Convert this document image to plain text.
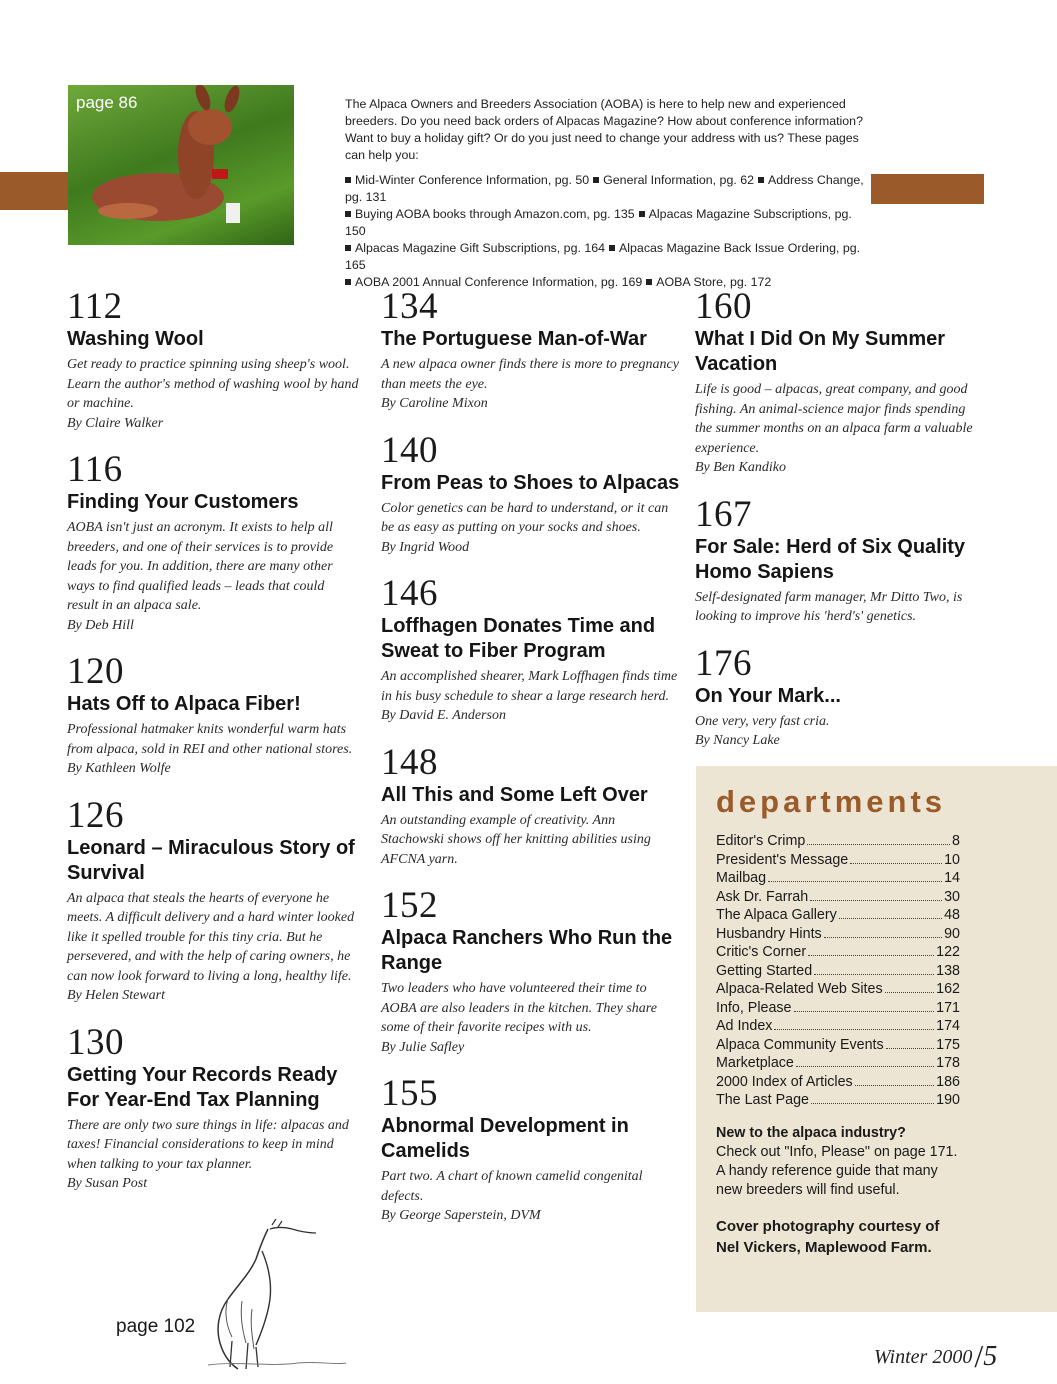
page 86	The Alpaca Owners and Breeders Association (AOBA) is here to help new and experienced breeders. Do you need back orders of Alpacas Magazine? How about conference information? Want to buy a holiday gift? Or do you just need to change your address with us? These pages can help you:

Mid-Winter Conference Information, pg. 50 General Information, pg. 62 Address Change, pg. 131
Buying AOBA books through Amazon.com, pg. 135 Alpacas Magazine Subscriptions, pg. 150
Alpacas Magazine Gift Subscriptions, pg. 164 Alpacas Magazine Back Issue Ordering, pg. 165
AOBA 2001 Annual Conference Information, pg. 169 AOBA Store, pg. 172
112
Washing Wool
Get ready to practice spinning using sheep's wool. Learn the author's method of washing wool by hand or machine.
By Claire Walker
116
Finding Your Customers
AOBA isn't just an acronym. It exists to help all breeders, and one of their services is to provide leads for you. In addition, there are many other ways to find qualified leads – leads that could result in an alpaca sale.
By Deb Hill
120
Hats Off to Alpaca Fiber!
Professional hatmaker knits wonderful warm hats from alpaca, sold in REI and other national stores.
By Kathleen Wolfe
126
Leonard – Miraculous Story of Survival
An alpaca that steals the hearts of everyone he meets. A difficult delivery and a hard winter looked like it spelled trouble for this tiny cria. But he persevered, and with the help of caring owners, he can now look forward to living a long, healthy life.
By Helen Stewart
130
Getting Your Records Ready For Year-End Tax Planning
There are only two sure things in life: alpacas and taxes! Financial considerations to keep in mind when talking to your tax planner.
By Susan Post
134
The Portuguese Man-of-War
A new alpaca owner finds there is more to pregnancy than meets the eye.
By Caroline Mixon
140
From Peas to Shoes to Alpacas
Color genetics can be hard to understand, or it can be as easy as putting on your socks and shoes.
By Ingrid Wood
146
Loffhagen Donates Time and Sweat to Fiber Program
An accomplished shearer, Mark Loffhagen finds time in his busy schedule to shear a large research herd.
By David E. Anderson
148
All This and Some Left Over
An outstanding example of creativity. Ann Stachowski shows off her knitting abilities using AFCNA yarn.
152
Alpaca Ranchers Who Run the Range
Two leaders who have volunteered their time to AOBA are also leaders in the kitchen. They share some of their favorite recipes with us.
By Julie Safley
155
Abnormal Development in Camelids
Part two. A chart of known camelid congenital defects.
By George Saperstein, DVM
160
What I Did On My Summer Vacation
Life is good – alpacas, great company, and good fishing. An animal-science major finds spending the summer months on an alpaca farm a valuable experience.
By Ben Kandiko
167
For Sale: Herd of Six Quality Homo Sapiens
Self-designated farm manager, Mr Ditto Two, is looking to improve his 'herd's' genetics.
176
On Your Mark...
One very, very fast cria.
By Nancy Lake
departments
Editor's Crimp	8
President's Message	10
Mailbag	14
Ask Dr. Farrah	30
The Alpaca Gallery	48
Husbandry Hints	90
Critic's Corner	122
Getting Started	138
Alpaca-Related Web Sites	162
Info, Please	171
Ad Index	174
Alpaca Community Events	175
Marketplace	178
2000 Index of Articles	186
The Last Page	190
New to the alpaca industry?
Check out "Info, Please" on page 171. A handy reference guide that many new breeders will find useful.
Cover photography courtesy of Nel Vickers, Maplewood Farm.
page 102
Winter 2000/5
